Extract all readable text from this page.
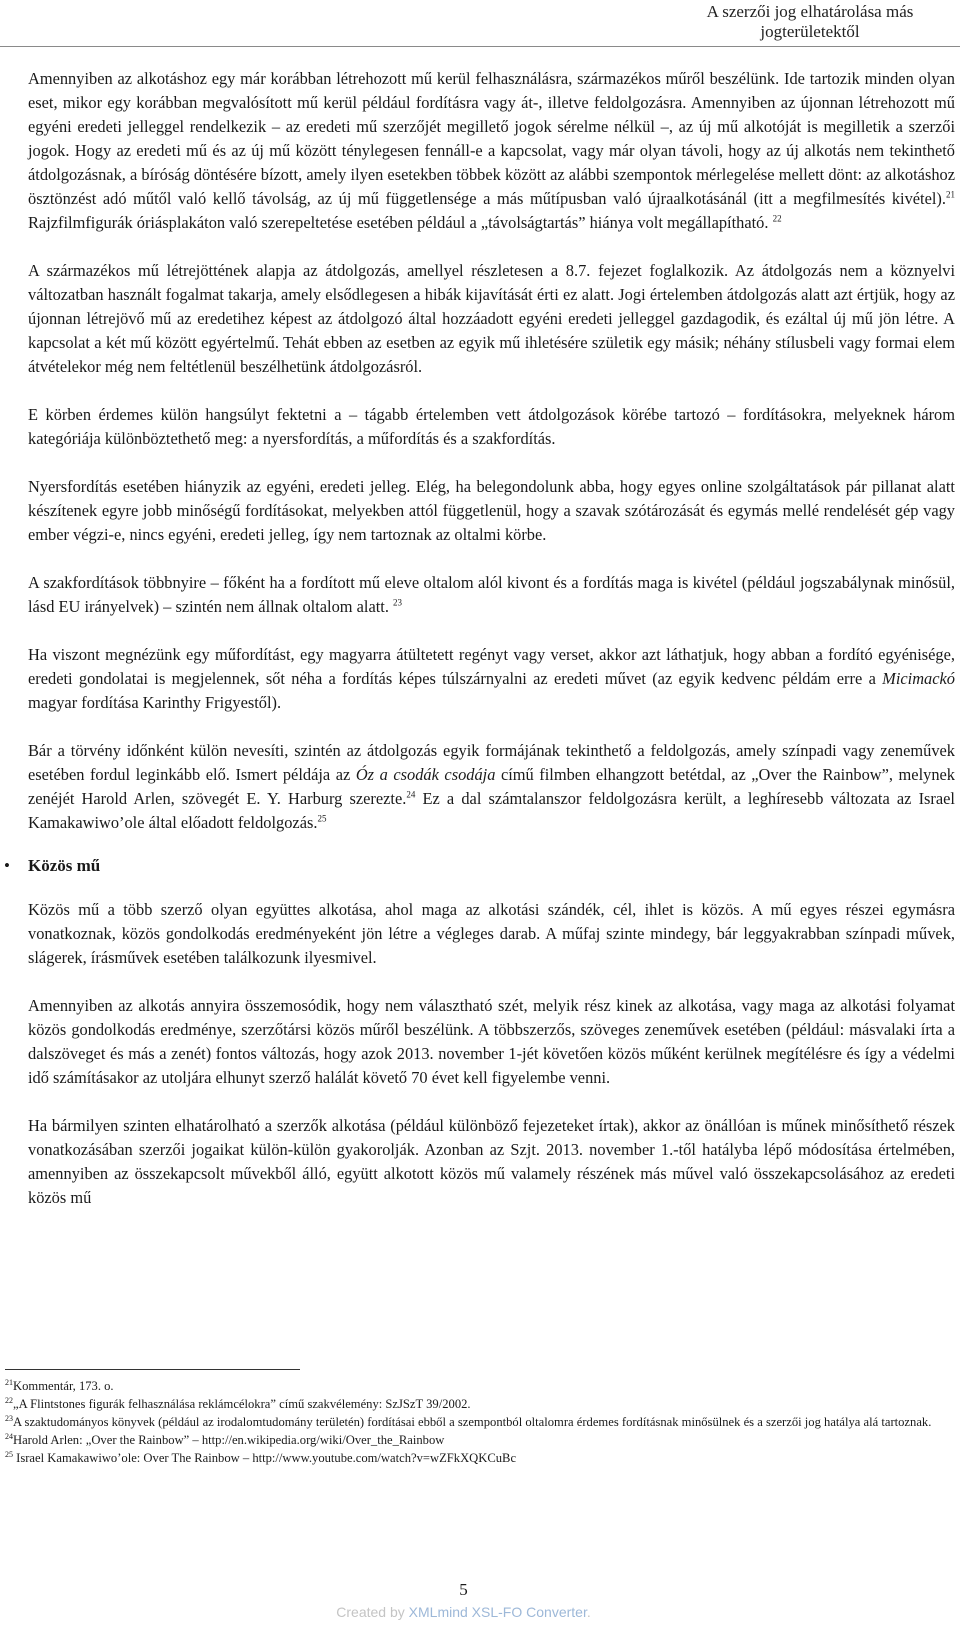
A szerzői jog elhatárolása más
jogterületektől

Amennyiben az alkotáshoz egy már korábban létrehozott mű kerül felhasználásra, származékos műről beszélünk. Ide tartozik minden olyan eset, mikor egy korábban megvalósított mű kerül például fordításra vagy át-, illetve feldolgozásra. Amennyiben az újonnan létrehozott mű egyéni eredeti jelleggel rendelkezik – az eredeti mű szerzőjét megillető jogok sérelme nélkül –, az új mű alkotóját is megilletik a szerzői jogok. Hogy az eredeti mű és az új mű között ténylegesen fennáll-e a kapcsolat, vagy már olyan távoli, hogy az új alkotás nem tekinthető átdolgozásnak, a bíróság döntésére bízott, amely ilyen esetekben többek között az alábbi szempontok mérlegelése mellett dönt: az alkotáshoz ösztönzést adó műtől való kellő távolság, az új mű függetlensége a más műtípusban való újraalkotásánál (itt a megfilmesítés kivétel).$^{21}$ Rajzfilmfigurák óriásplakáton való szerepeltetése esetében például a „távolságtartás” hiánya volt megállapítható. $^{22}$

A származékos mű létrejöttének alapja az átdolgozás, amellyel részletesen a 8.7. fejezet foglalkozik. Az átdolgozás nem a köznyelvi változatban használt fogalmat takarja, amely elsődlegesen a hibák kijavítását érti ez alatt. Jogi értelemben átdolgozás alatt azt értjük, hogy az újonnan létrejövő mű az eredetihez képest az átdolgozó által hozzáadott egyéni eredeti jelleggel gazdagodik, és ezáltal új mű jön létre. A kapcsolat a két mű között egyértelmű. Tehát ebben az esetben az egyik mű ihletésére születik egy másik; néhány stílusbeli vagy formai elem átvételekor még nem feltétlenül beszélhetünk átdolgozásról.

E körben érdemes külön hangsúlyt fektetni a – tágabb értelemben vett átdolgozások körébe tartozó – fordításokra, melyeknek három kategóriája különböztethető meg: a nyersfordítás, a műfordítás és a szakfordítás.

Nyersfordítás esetében hiányzik az egyéni, eredeti jelleg. Elég, ha belegondolunk abba, hogy egyes online szolgáltatások pár pillanat alatt készítenek egyre jobb minőségű fordításokat, melyekben attól függetlenül, hogy a szavak szótározását és egymás mellé rendelését gép vagy ember végzi-e, nincs egyéni, eredeti jelleg, így nem tartoznak az oltalmi körbe.

A szakfordítások többnyire – főként ha a fordított mű eleve oltalom alól kivont és a fordítás maga is kivétel (például jogszabálynak minősül, lásd EU irányelvek) – szintén nem állnak oltalom alatt. $^{23}$

Ha viszont megnézünk egy műfordítást, egy magyarra átültetett regényt vagy verset, akkor azt láthatjuk, hogy abban a fordító egyénisége, eredeti gondolatai is megjelennek, sőt néha a fordítás képes túlszárnyalni az eredeti művet (az egyik kedvenc példám erre a Micimackó magyar fordítása Karinthy Frigyestől).

Bár a törvény időnként külön nevesíti, szintén az átdolgozás egyik formájának tekinthető a feldolgozás, amely színpadi vagy zeneművek esetében fordul leginkább elő. Ismert példája az Óz a csodák csodája című filmben elhangzott betétdal, az „Over the Rainbow”, melynek zenéjét Harold Arlen, szövegét E. Y. Harburg szerezte.$^{24}$ Ez a dal számtalanszor feldolgozásra került, a leghíresebb változata az Israel Kamakawiwo’ole által előadott feldolgozás.$^{25}$

• Közös mű

Közös mű a több szerző olyan együttes alkotása, ahol maga az alkotási szándék, cél, ihlet is közös. A mű egyes részei egymásra vonatkoznak, közös gondolkodás eredményeként jön létre a végleges darab. A műfaj szinte mindegy, bár leggyakrabban színpadi művek, slágerek, írásművek esetében találkozunk ilyesmivel.

Amennyiben az alkotás annyira összemosódik, hogy nem választható szét, melyik rész kinek az alkotása, vagy maga az alkotási folyamat közös gondolkodás eredménye, szerzőtársi közös műről beszélünk. A többszerzős, szöveges zeneművek esetében (például: másvalaki írta a dalszöveget és más a zenét) fontos változás, hogy azok 2013. november 1-jét követően közös műként kerülnek megítélésre és így a védelmi idő számításakor az utoljára elhunyt szerző halálát követő 70 évet kell figyelembe venni.

Ha bármilyen szinten elhatárolható a szerzők alkotása (például különböző fejezeteket írtak), akkor az önállóan is műnek minősíthető részek vonatkozásában szerzői jogaikat külön-külön gyakorolják. Azonban az Szjt. 2013. november 1.-től hatályba lépő módosítása értelmében, amennyiben az összekapcsolt művekből álló, együtt alkotott közös mű valamely részének más művel való összekapcsolásához az eredeti közös mű

$^{21}$Kommentár, 173. o.

$^{22}$„A Flintstones figurák felhasználása reklámcélokra” című szakvélemény: SzJSzT 39/2002.

$^{23}$A szaktudományos könyvek (például az irodalomtudomány területén) fordításai ebből a szempontból oltalomra érdemes fordításnak minősülnek és a szerzői jog hatálya alá tartoznak.

$^{24}$Harold Arlen: „Over the Rainbow” – http://en.wikipedia.org/wiki/Over_the_Rainbow

$^{25}$ Israel Kamakawiwo’ole: Over The Rainbow – http://www.youtube.com/watch?v=wZFkXQKCuBc

5
Created by XMLmind XSL-FO Converter.
